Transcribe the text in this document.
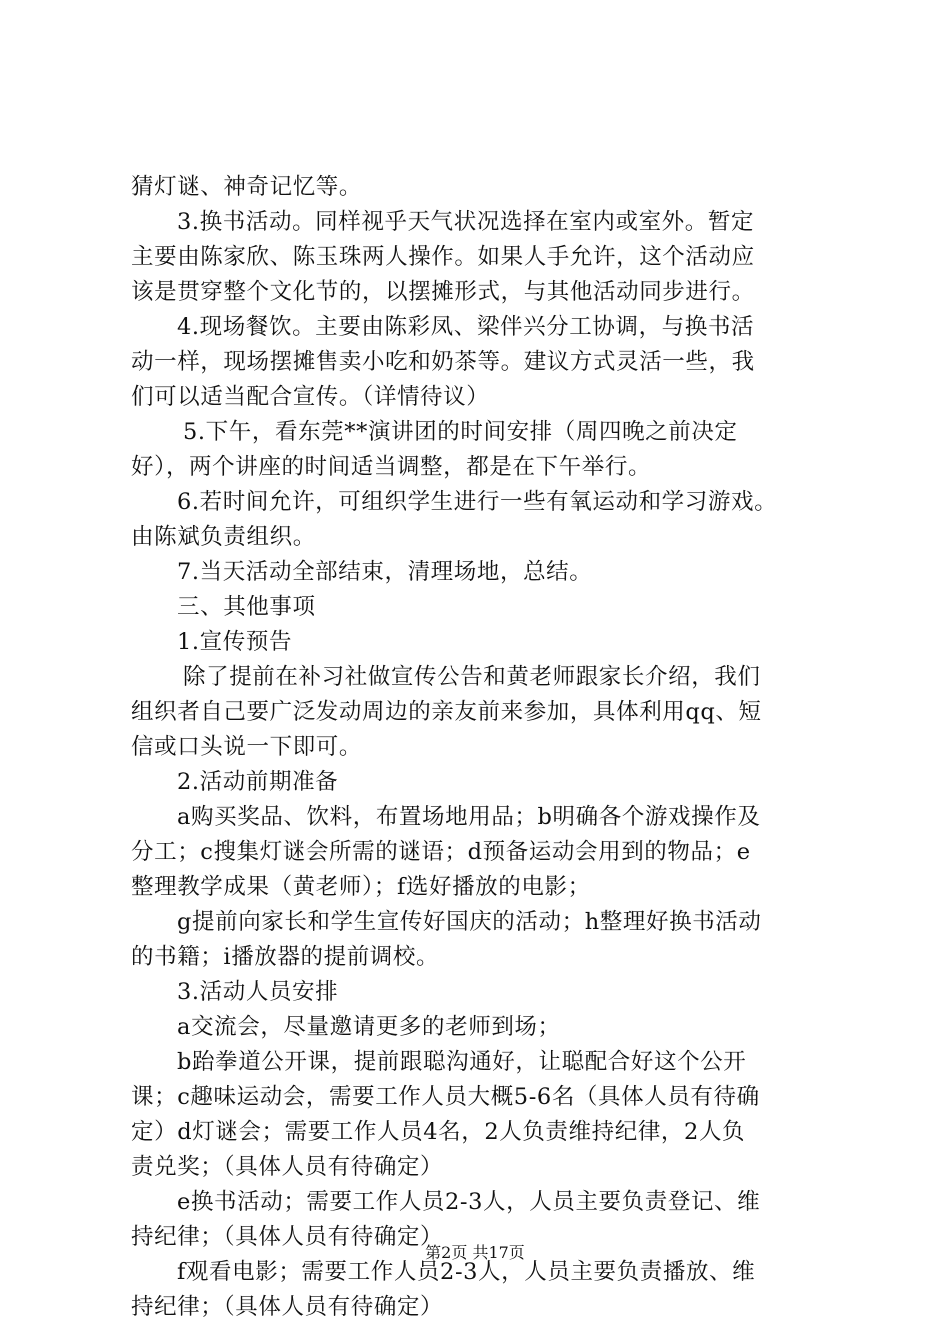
猜灯谜、神奇记忆等。
3.换书活动。同样视乎天气状况选择在室内或室外。暂定
主要由陈家欣、陈玉珠两人操作。如果人手允许，这个活动应
该是贯穿整个文化节的，以摆摊形式，与其他活动同步进行。
4.现场餐饮。主要由陈彩凤、梁伴兴分工协调，与换书活
动一样，现场摆摊售卖小吃和奶茶等。建议方式灵活一些，我
们可以适当配合宣传。（详情待议）
5.下午，看东莞**演讲团的时间安排（周四晚之前决定
好），两个讲座的时间适当调整，都是在下午举行。
6.若时间允许，可组织学生进行一些有氧运动和学习游戏。
由陈斌负责组织。
7.当天活动全部结束，清理场地，总结。
三、其他事项
1.宣传预告
除了提前在补习社做宣传公告和黄老师跟家长介绍，我们
组织者自己要广泛发动周边的亲友前来参加，具体利用qq、短
信或口头说一下即可。
2.活动前期准备
a购买奖品、饮料，布置场地用品；b明确各个游戏操作及
分工；c搜集灯谜会所需的谜语；d预备运动会用到的物品；e
整理教学成果（黄老师）；f选好播放的电影；
g提前向家长和学生宣传好国庆的活动；h整理好换书活动
的书籍；i播放器的提前调校。
3.活动人员安排
a交流会，尽量邀请更多的老师到场；
b跆拳道公开课，提前跟聪沟通好，让聪配合好这个公开
课；c趣味运动会，需要工作人员大概5-6名（具体人员有待确
定）d灯谜会；需要工作人员4名，2人负责维持纪律，2人负
责兑奖；（具体人员有待确定）
e换书活动；需要工作人员2-3人，人员主要负责登记、维
持纪律；（具体人员有待确定）
f观看电影；需要工作人员2-3人，人员主要负责播放、维
持纪律；（具体人员有待确定）
第2页 共17页
